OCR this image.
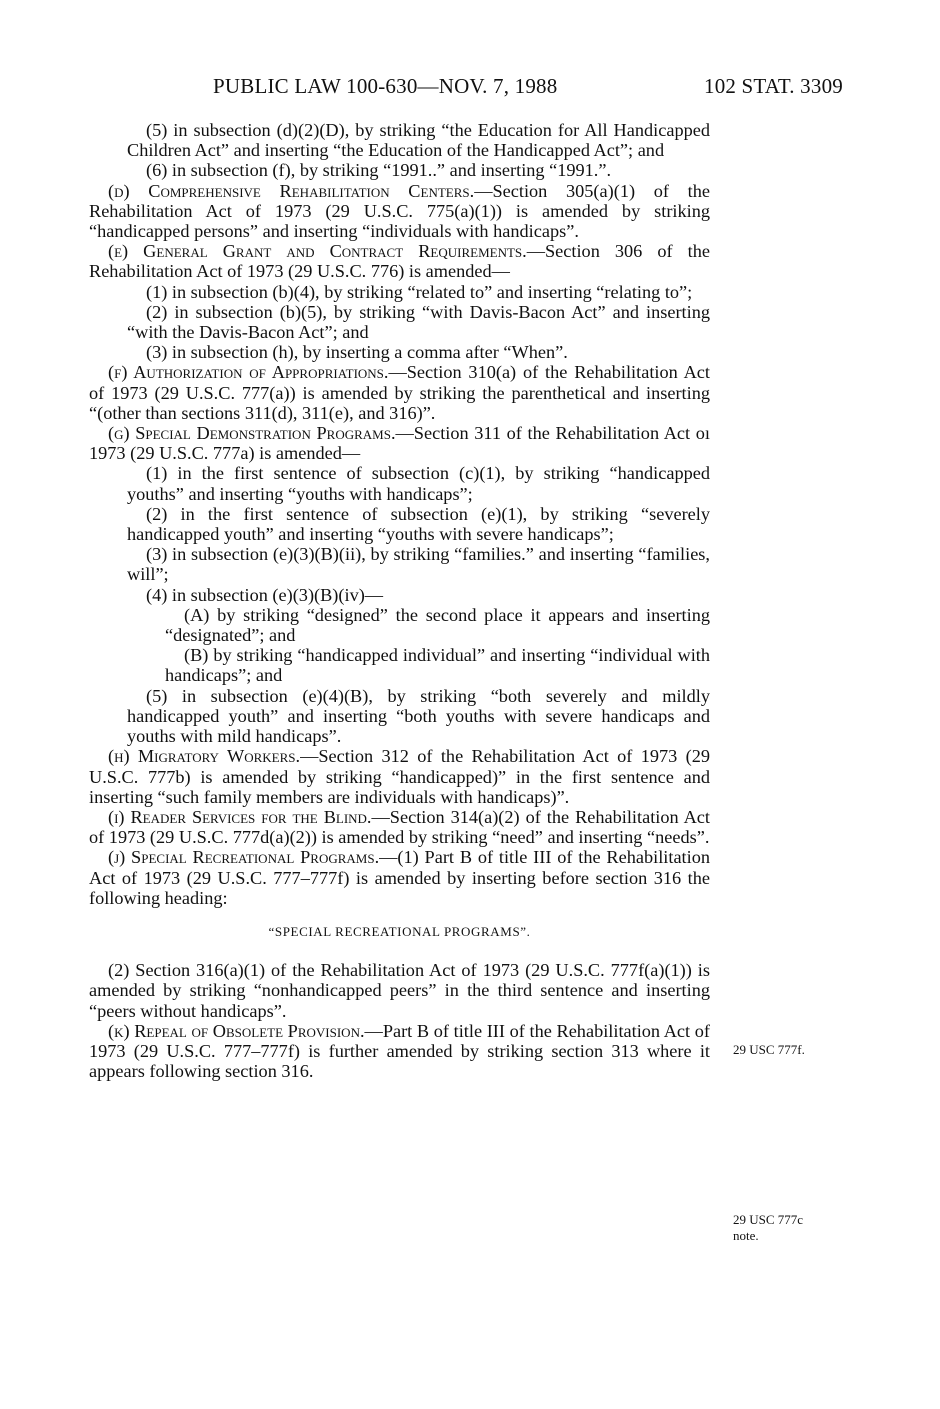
PUBLIC LAW 100-630—NOV. 7, 1988	102 STAT. 3309

(5) in subsection (d)(2)(D), by striking “the Education for All Handicapped Children Act” and inserting “the Education of the Handicapped Act”; and

(6) in subsection (f), by striking “1991..” and inserting “1991.”.

(d) Comprehensive Rehabilitation Centers.—Section 305(a)(1) of the Rehabilitation Act of 1973 (29 U.S.C. 775(a)(1)) is amended by striking “handicapped persons” and inserting “individuals with handicaps”.

(e) General Grant and Contract Requirements.—Section 306 of the Rehabilitation Act of 1973 (29 U.S.C. 776) is amended—

(1) in subsection (b)(4), by striking “related to” and inserting “relating to”;

(2) in subsection (b)(5), by striking “with Davis-Bacon Act” and inserting “with the Davis-Bacon Act”; and

(3) in subsection (h), by inserting a comma after “When”.

(f) Authorization of Appropriations.—Section 310(a) of the Rehabilitation Act of 1973 (29 U.S.C. 777(a)) is amended by striking the parenthetical and inserting “(other than sections 311(d), 311(e), and 316)”.

(g) Special Demonstration Programs.—Section 311 of the Rehabilitation Act oı 1973 (29 U.S.C. 777a) is amended—

(1) in the first sentence of subsection (c)(1), by striking “handicapped youths” and inserting “youths with handicaps”;

(2) in the first sentence of subsection (e)(1), by striking “severely handicapped youth” and inserting “youths with severe handicaps”;

(3) in subsection (e)(3)(B)(ii), by striking “families.” and inserting “families, will”;

(4) in subsection (e)(3)(B)(iv)—

(A) by striking “designed” the second place it appears and inserting “designated”; and

(B) by striking “handicapped individual” and inserting “individual with handicaps”; and

(5) in subsection (e)(4)(B), by striking “both severely and mildly handicapped youth” and inserting “both youths with severe handicaps and youths with mild handicaps”.

(h) Migratory Workers.—Section 312 of the Rehabilitation Act of 1973 (29 U.S.C. 777b) is amended by striking “handicapped)” in the first sentence and inserting “such family members are individuals with handicaps)”.

(i) Reader Services for the Blind.—Section 314(a)(2) of the Rehabilitation Act of 1973 (29 U.S.C. 777d(a)(2)) is amended by striking “need” and inserting “needs”.

(j) Special Recreational Programs.—(1) Part B of title III of the Rehabilitation Act of 1973 (29 U.S.C. 777–777f) is amended by inserting before section 316 the following heading:

“SPECIAL RECREATIONAL PROGRAMS”.

(2) Section 316(a)(1) of the Rehabilitation Act of 1973 (29 U.S.C. 777f(a)(1)) is amended by striking “nonhandicapped peers” in the third sentence and inserting “peers without handicaps”.

(k) Repeal of Obsolete Provision.—Part B of title III of the Rehabilitation Act of 1973 (29 U.S.C. 777–777f) is further amended by striking section 313 where it appears following section 316.

29 USC 777f.
29 USC 777c
note.
